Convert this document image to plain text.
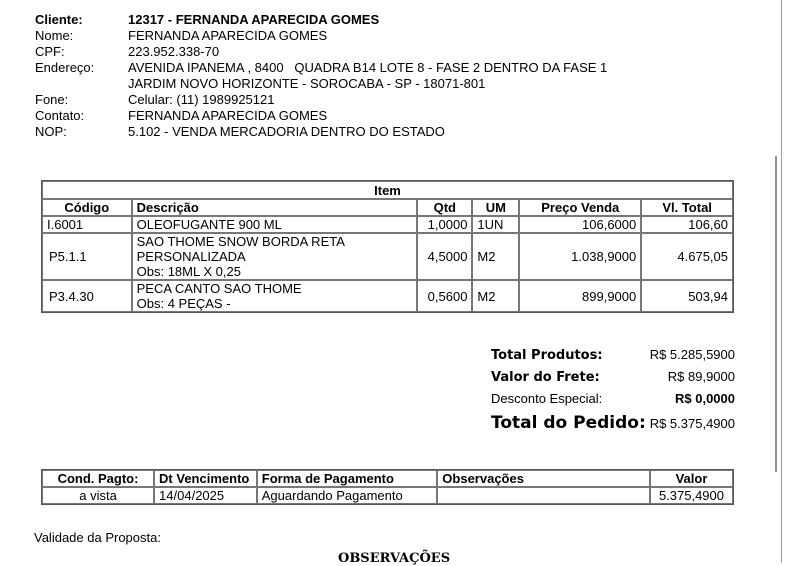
Cliente:	12317 - FERNANDA APARECIDA GOMES
Nome:	FERNANDA APARECIDA GOMES
CPF:	223.952.338-70
Endereço:	AVENIDA IPANEMA , 8400   QUADRA B14 LOTE 8 - FASE 2 DENTRO DA FASE 1
JARDIM NOVO HORIZONTE - SOROCABA - SP - 18071-801
Fone:	Celular: (11) 1989925121
Contato:	FERNANDA APARECIDA GOMES
NOP:	5.102 - VENDA MERCADORIA DENTRO DO ESTADO
Item					
Código	Descrição	Qtd	UM	Preço Venda	Vl. Total
I.6001	OLEOFUGANTE 900 ML	1,0000	1UN	106,6000	106,60
P5.1.1	SAO THOME SNOW BORDA RETA
PERSONALIZADA
Obs: 18ML X 0,25	4,5000	M2	1.038,9000	4.675,05
P3.4.30	PECA CANTO SAO THOME
Obs: 4 PEÇAS -	0,5600	M2	899,9000	503,94
Total Produtos:	R$ 5.285,5900
Valor do Frete:	R$ 89,9000
Desconto Especial:	R$ 0,0000
Total do Pedido: R$ 5.375,4900
Cond. Pagto:	Dt Vencimento	Forma de Pagamento	Observações	Valor
a vista	14/04/2025	Aguardando Pagamento		5.375,4900
Validade da Proposta:
OBSERVAÇÕES
